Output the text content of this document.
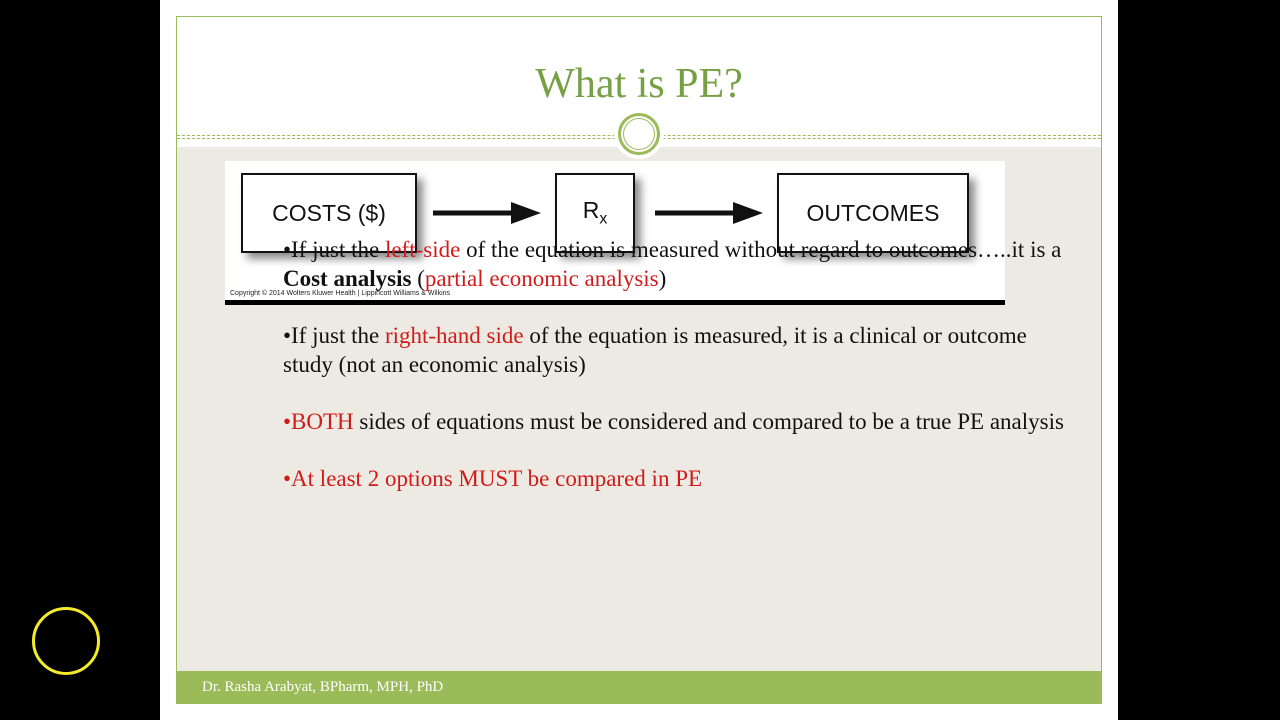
What is PE?
COSTS ($)	$R_x$	OUTCOMES
Copyright © 2014 Wolters Kluwer Health | Lippincott Williams & Wilkins

•If just the left-side of the equation is measured without regard to outcomes…..it is a Cost analysis (partial economic analysis)

•If just the right-hand side of the equation is measured, it is a clinical or outcome study (not an economic analysis)

•BOTH sides of equations must be considered and compared to be a true PE analysis

•At least 2 options MUST be compared in PE

Dr. Rasha Arabyat, BPharm, MPH, PhD
